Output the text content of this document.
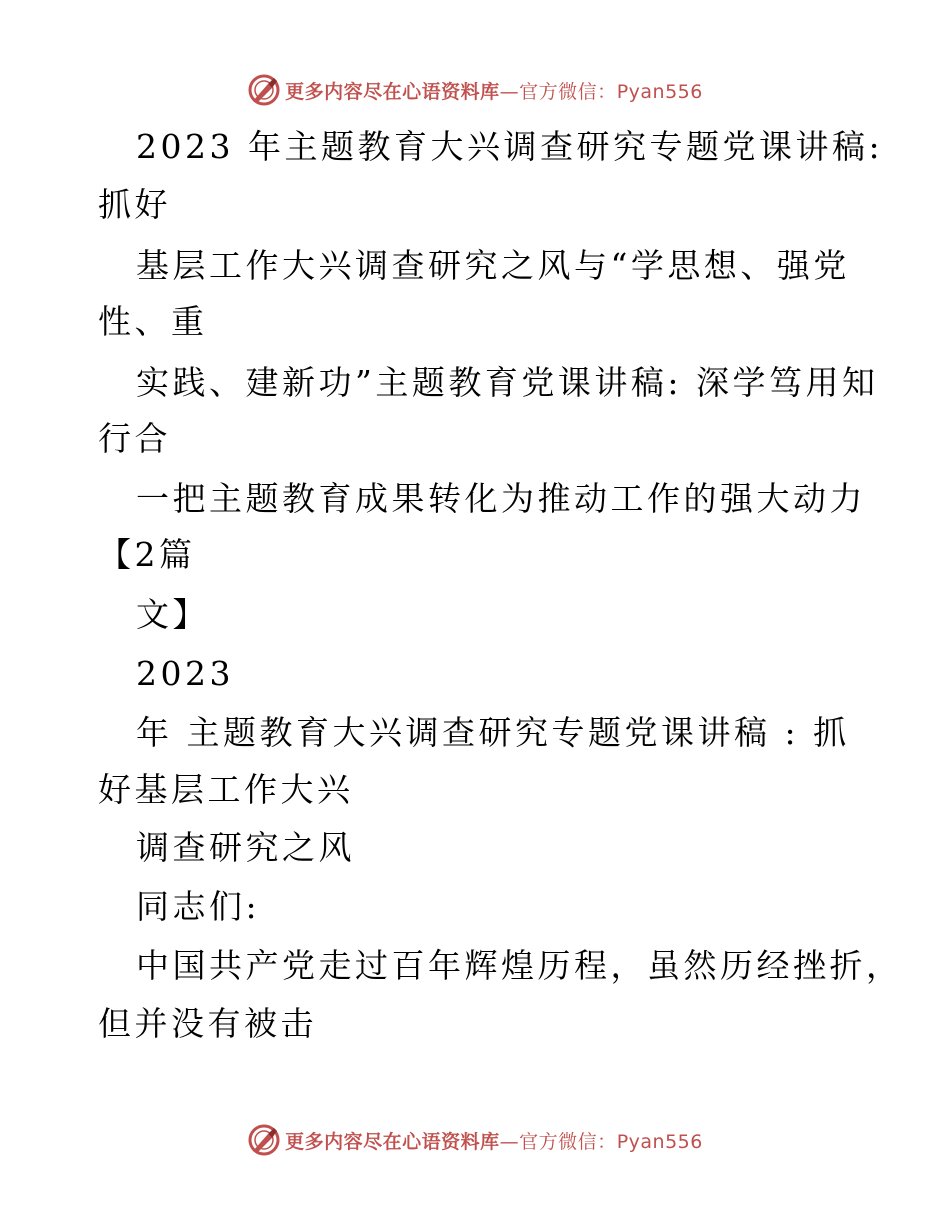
更多内容尽在心语资料库—官方微信：Pyan556
2023 年主题教育大兴调查研究专题党课讲稿:
抓好
基层工作大兴调查研究之风与“学思想、强党
性、重
实践、建新功”主题教育党课讲稿: 深学笃用知
行合
一把主题教育成果转化为推动工作的强大动力
【2篇
文】
2023
年 主题教育大兴调查研究专题党课讲稿 : 抓
好基层工作大兴
调查研究之风
同志们:
中国共产党走过百年辉煌历程，虽然历经挫折，
但并没有被击
更多内容尽在心语资料库—官方微信：Pyan556
